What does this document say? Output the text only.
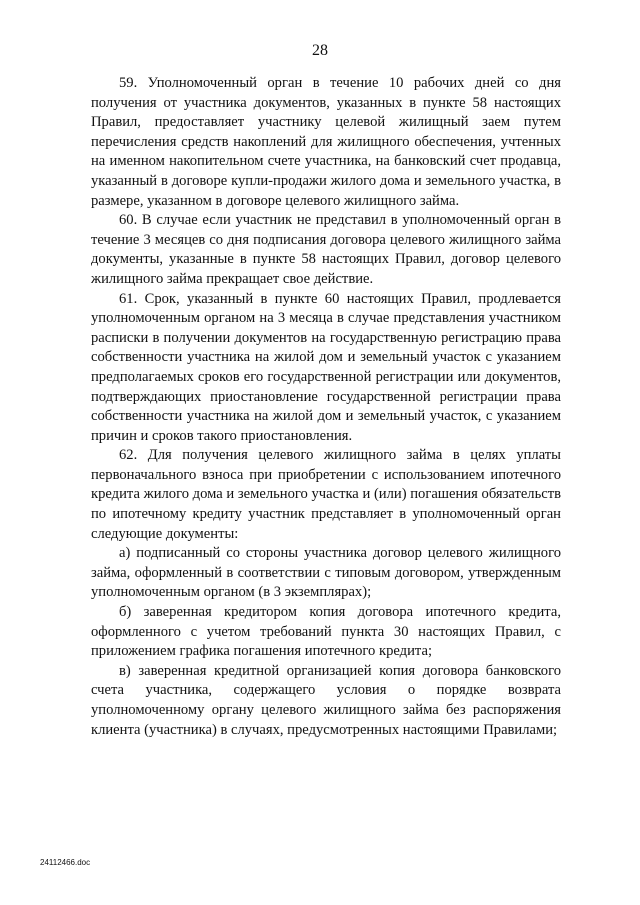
28

59. Уполномоченный орган в течение 10 рабочих дней со дня получения от участника документов, указанных в пункте 58 настоящих Правил, предоставляет участнику целевой жилищный заем путем перечисления средств накоплений для жилищного обеспечения, учтенных на именном накопительном счете участника, на банковский счет продавца, указанный в договоре купли-продажи жилого дома и земельного участка, в размере, указанном в договоре целевого жилищного займа.

60. В случае если участник не представил в уполномоченный орган в течение 3 месяцев со дня подписания договора целевого жилищного займа документы, указанные в пункте 58 настоящих Правил, договор целевого жилищного займа прекращает свое действие.

61. Срок, указанный в пункте 60 настоящих Правил, продлевается уполномоченным органом на 3 месяца в случае представления участником расписки в получении документов на государственную регистрацию права собственности участника на жилой дом и земельный участок с указанием предполагаемых сроков его государственной регистрации или документов, подтверждающих приостановление государственной регистрации права собственности участника на жилой дом и земельный участок, с указанием причин и сроков такого приостановления.

62. Для получения целевого жилищного займа в целях уплаты первоначального взноса при приобретении с использованием ипотечного кредита жилого дома и земельного участка и (или) погашения обязательств по ипотечному кредиту участник представляет в уполномоченный орган следующие документы:

а) подписанный со стороны участника договор целевого жилищного займа, оформленный в соответствии с типовым договором, утвержденным уполномоченным органом (в 3 экземплярах);

б) заверенная кредитором копия договора ипотечного кредита, оформленного с учетом требований пункта 30 настоящих Правил, с приложением графика погашения ипотечного кредита;

в) заверенная кредитной организацией копия договора банковского счета участника, содержащего условия о порядке возврата уполномоченному органу целевого жилищного займа без распоряжения клиента (участника) в случаях, предусмотренных настоящими Правилами;

24112466.doc
